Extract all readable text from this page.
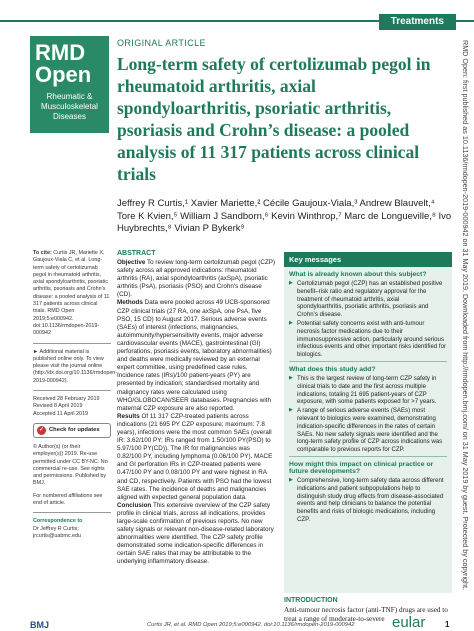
Treatments
RMD
Open
Rheumatic & Musculoskeletal Diseases
ORIGINAL ARTICLE
Long-term safety of certolizumab pegol in rheumatoid arthritis, axial spondyloarthritis, psoriatic arthritis, psoriasis and Crohn’s disease: a pooled analysis of 11 317 patients across clinical trials
Jeffrey R Curtis,¹ Xavier Mariette,² Cécile Gaujoux-Viala,³ Andrew Blauvelt,⁴ Tore K Kvien,⁵ William J Sandborn,⁶ Kevin Winthrop,⁷ Marc de Longueville,⁸ Ivo Huybrechts,⁸ Vivian P Bykerk⁹

To cite: Curtis JR, Mariette X, Gaujoux-Viala C, et al. Long-term safety of certolizumab pegol in rheumatoid arthritis, axial spondyloarthritis, psoriatic arthritis, psoriasis and Crohn’s disease: a pooled analysis of 11 317 patients across clinical trials. RMD Open 2019;5:e000942. doi:10.1136/rmdopen-2019-000942

► Additional material is published online only. To view please visit the journal online (http://dx.doi.org/10.1136/rmdopen-2019-000942).

Received 28 February 2019
Revised 8 April 2019
Accepted 11 April 2019

✓ Check for updates

© Author(s) (or their employer(s)) 2019. Re-use permitted under CC BY-NC. No commercial re-use. See rights and permissions. Published by BMJ.

For numbered affiliations see end of article.

Correspondence to
Dr Jeffrey R Curtis;
jrcurtis@uabmc.edu

ABSTRACT

Objective To review long-term certolizumab pegol (CZP) safety across all approved indications: rheumatoid arthritis (RA), axial spondyloarthritis (axSpA), psoriatic arthritis (PsA), psoriasis (PSO) and Crohn’s disease (CD).

Methods Data were pooled across 49 UCB-sponsored CZP clinical trials (27 RA, one axSpA, one PsA, five PSO, 15 CD) to August 2017. Serious adverse events (SAEs) of interest (infections, malignancies, autoimmunity/hypersensitivity events, major adverse cardiovascular events (MACE), gastrointestinal (GI) perforations, psoriasis events, laboratory abnormalities) and deaths were medically reviewed by an external expert committee, using predefined case rules. Incidence rates (IRs)/100 patient-years (PY) are presented by indication; standardised mortality and malignancy rates were calculated using WHO/GLOBOCAN/SEER databases. Pregnancies with maternal CZP exposure are also reported.

Results Of 11 317 CZP-treated patients across indications (21 695 PY CZP exposure; maximum: 7.8 years), infections were the most common SAEs (overall IR: 3.62/100 PY; IRs ranged from 1.50/100 PY(PSO) to 5.97/100 PY(CD)). The IR for malignancies was 0.82/100 PY, including lymphoma (0.06/100 PY). MACE and GI perforation IRs in CZP-treated patients were 0.47/100 PY and 0.08/100 PY and were highest in RA and CD, respectively. Patients with PSO had the lowest SAE rates. The incidence of deaths and malignancies aligned with expected general population data.

Conclusion This extensive overview of the CZP safety profile in clinical trials, across all indications, provides large-scale confirmation of previous reports. No new safety signals or relevant non-disease-related laboratory abnormalities were identified. The CZP safety profile demonstrated some indication-specific differences in certain SAE rates that may be attributable to the underlying inflammatory disease.

Key messages
What is already known about this subject?
▶ Certolizumab pegol (CZP) has an established positive benefit–risk ratio and regulatory approval for the treatment of rheumatoid arthritis, axial spondyloarthritis, psoriatic arthritis, psoriasis and Crohn’s disease.
▶ Potential safety concerns exist with anti-tumour necrosis factor medications due to their immunosuppressive action, particularly around serious infectious events and other important risks identified for biologics.
What does this study add?
▶ This is the largest review of long-term CZP safety in clinical trials to date and the first across multiple indications, totaling 21 695 patient-years of CZP exposure, with some patients exposed for >7 years.
▶ A range of serious adverse events (SAEs) most relevant to biologics were examined, demonstrating indication-specific differences in the rates of certain SAEs. No new safety signals were identified and the long-term safety profile of CZP across indications was comparable to previous reports for CZP.
How might this impact on clinical practice or future developments?
▶ Comprehensive, long-term safety data across different indications and patient subpopulations help to distinguish study drug effects from disease-associated events and help clinicians to balance the potential benefits and risks of biologic medications, including CZP.
INTRODUCTION
Anti-tumour necrosis factor (anti-TNF) drugs are used to treat a range of moderate-to-severe
RMD Open: first published as 10.1136/rmdopen-2019-000942 on 31 May 2019. Downloaded from http://rmdopen.bmj.com/ on 31 May 2019 by guest. Protected by copyright.
BMJ	Curtis JR, et al. RMD Open 2019;5:e000942. doi:10.1136/rmdopen-2019-000942	eular 1
